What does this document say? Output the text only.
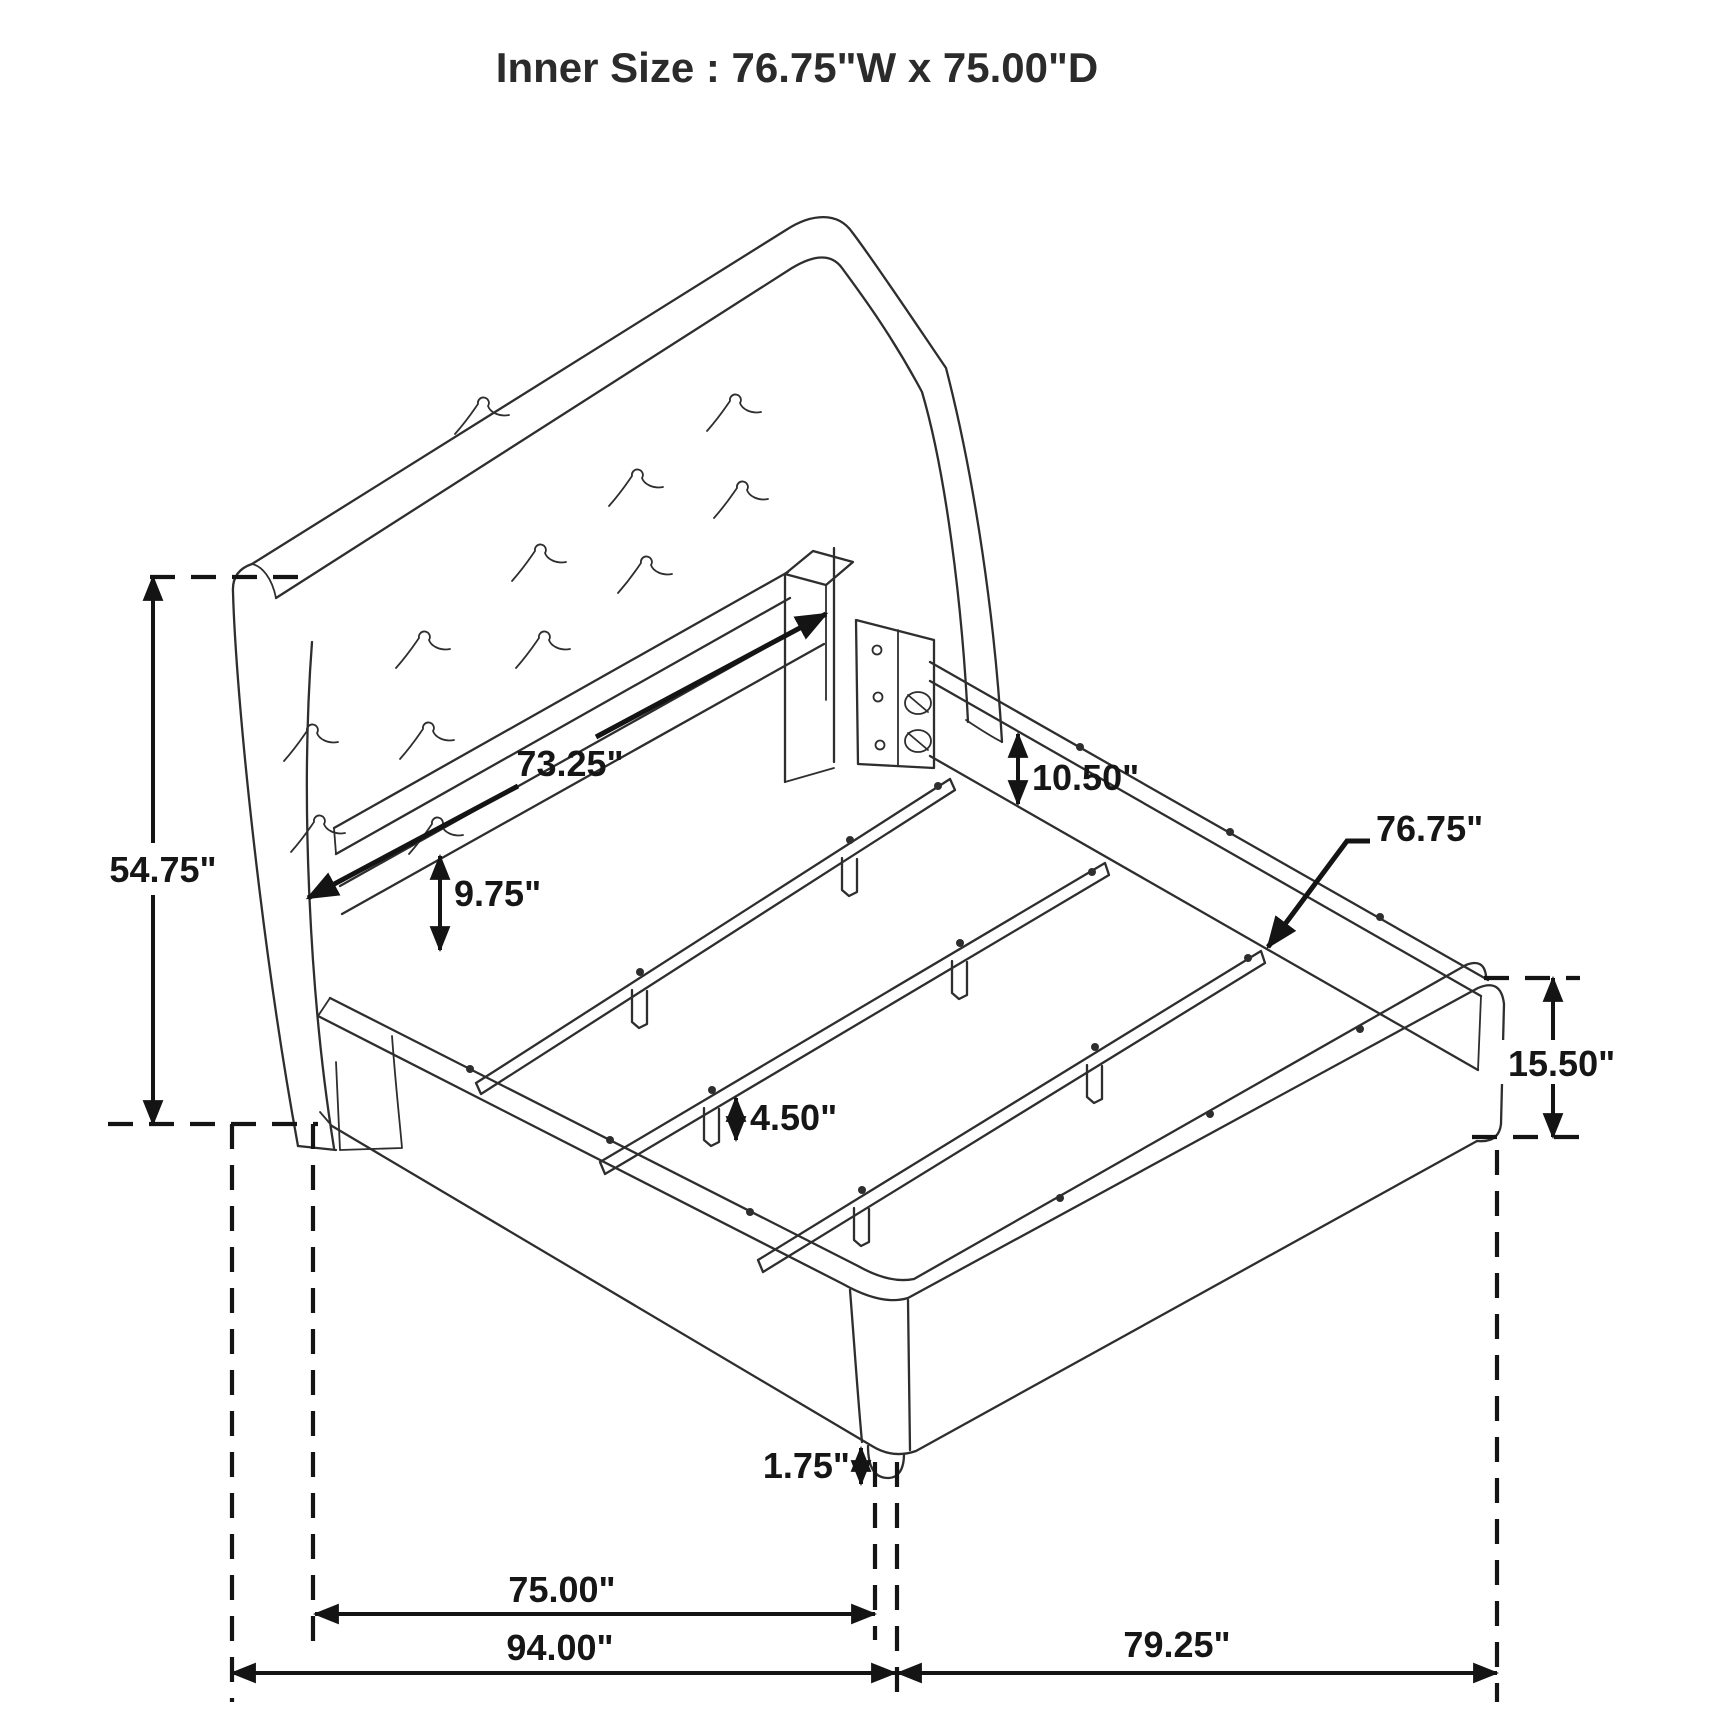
Inner Size : 76.75"W x 75.00"D
54.75"
73.25"
9.75"
10.50"
76.75"
15.50"
4.50"
1.75"
75.00"
94.00"	79.25"
